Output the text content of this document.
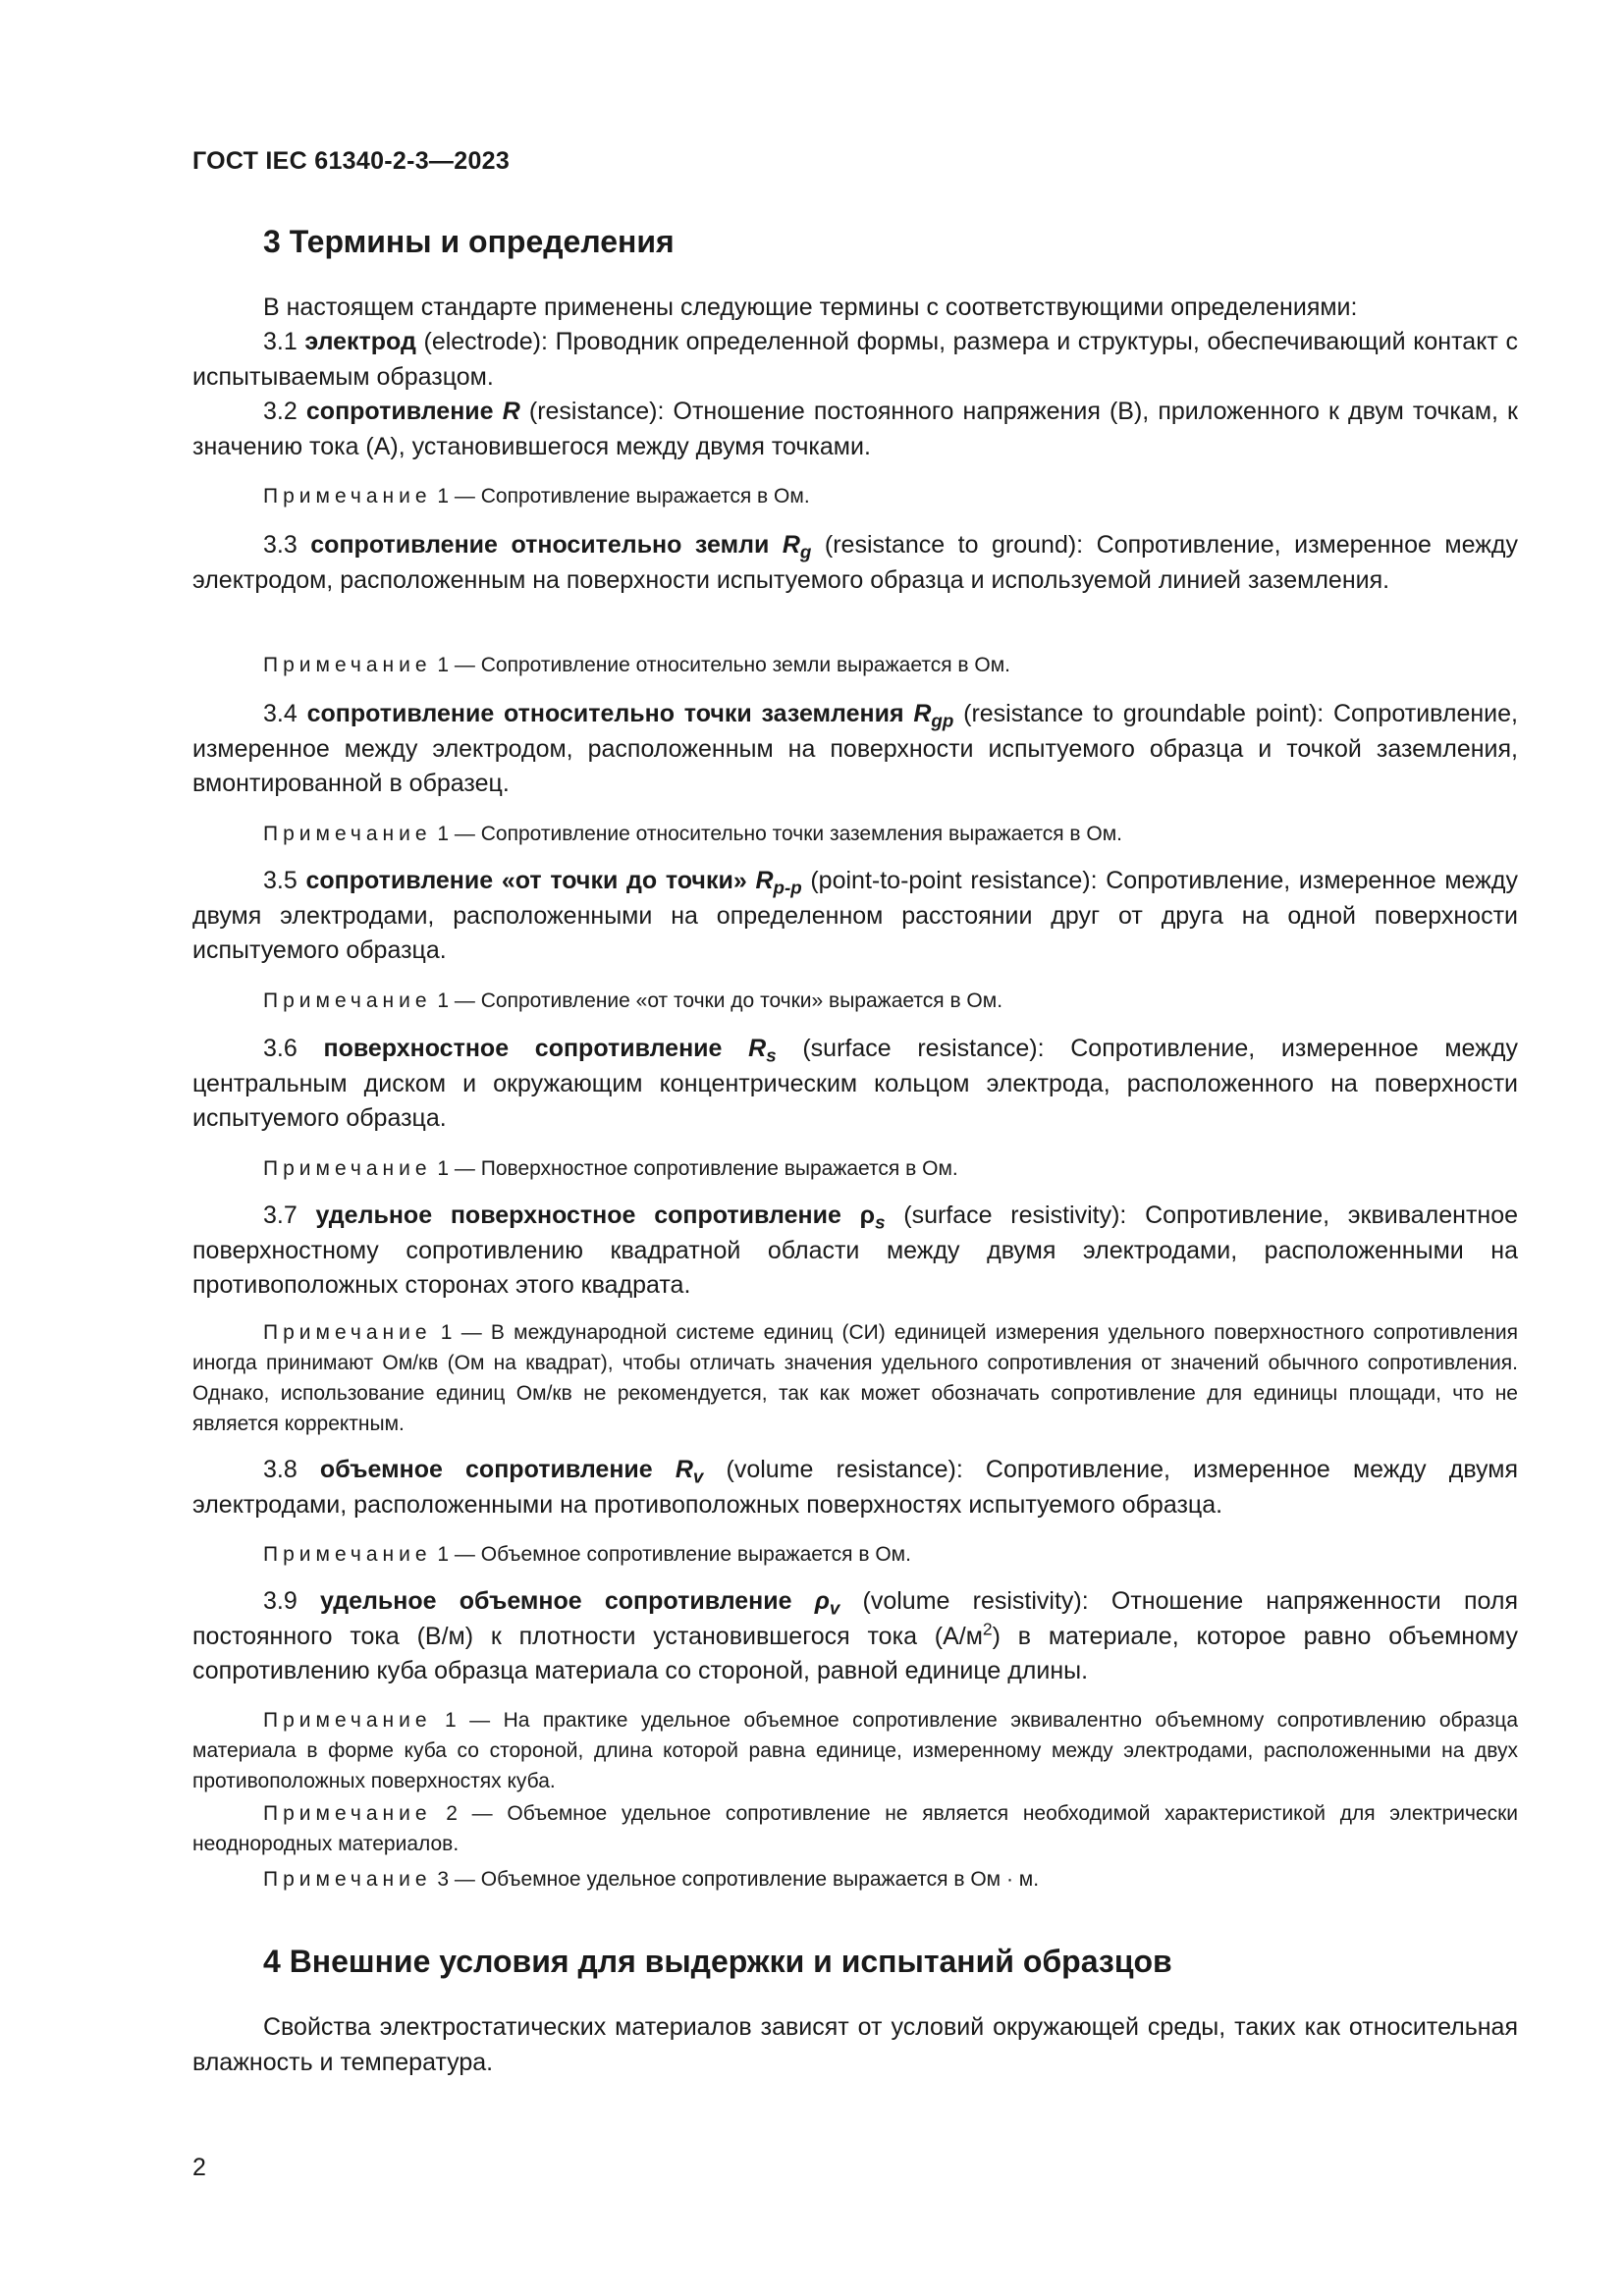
ГОСТ IEC 61340-2-3—2023
3 Термины и определения
В настоящем стандарте применены следующие термины с соответствующими определениями:
3.1 электрод (electrode): Проводник определенной формы, размера и структуры, обеспечивающий контакт с испытываемым образцом.
3.2 сопротивление R (resistance): Отношение постоянного напряжения (В), приложенного к двум точкам, к значению тока (А), установившегося между двумя точками.
Примечание 1 — Сопротивление выражается в Ом.
3.3 сопротивление относительно земли $R_g$ (resistance to ground): Сопротивление, измеренное между электродом, расположенным на поверхности испытуемого образца и используемой линией заземления.
Примечание 1 — Сопротивление относительно земли выражается в Ом.
3.4 сопротивление относительно точки заземления $R_{gp}$ (resistance to groundable point): Сопротивление, измеренное между электродом, расположенным на поверхности испытуемого образца и точкой заземления, вмонтированной в образец.
Примечание 1 — Сопротивление относительно точки заземления выражается в Ом.
3.5 сопротивление «от точки до точки» $R_{p-p}$ (point-to-point resistance): Сопротивление, измеренное между двумя электродами, расположенными на определенном расстоянии друг от друга на одной поверхности испытуемого образца.
Примечание 1 — Сопротивление «от точки до точки» выражается в Ом.
3.6 поверхностное сопротивление $R_s$ (surface resistance): Сопротивление, измеренное между центральным диском и окружающим концентрическим кольцом электрода, расположенного на поверхности испытуемого образца.
Примечание 1 — Поверхностное сопротивление выражается в Ом.
3.7 удельное поверхностное сопротивление $\rho_s$ (surface resistivity): Сопротивление, эквивалентное поверхностному сопротивлению квадратной области между двумя электродами, расположенными на противоположных сторонах этого квадрата.
Примечание 1 — В международной системе единиц (СИ) единицей измерения удельного поверхностного сопротивления иногда принимают Ом/кв (Ом на квадрат), чтобы отличать значения удельного сопротивления от значений обычного сопротивления. Однако, использование единиц Ом/кв не рекомендуется, так как может обозначать сопротивление для единицы площади, что не является корректным.
3.8 объемное сопротивление $R_v$ (volume resistance): Сопротивление, измеренное между двумя электродами, расположенными на противоположных поверхностях испытуемого образца.
Примечание 1 — Объемное сопротивление выражается в Ом.
3.9 удельное объемное сопротивление $\rho_v$ (volume resistivity): Отношение напряженности поля постоянного тока (В/м) к плотности установившегося тока $(А/м^2)$ в материале, которое равно объемному сопротивлению куба образца материала со стороной, равной единице длины.
Примечание 1 — На практике удельное объемное сопротивление эквивалентно объемному сопротивлению образца материала в форме куба со стороной, длина которой равна единице, измеренному между электродами, расположенными на двух противоположных поверхностях куба.
Примечание 2 — Объемное удельное сопротивление не является необходимой характеристикой для электрически неоднородных материалов.
Примечание 3 — Объемное удельное сопротивление выражается в Ом · м.
4 Внешние условия для выдержки и испытаний образцов
Свойства электростатических материалов зависят от условий окружающей среды, таких как относительная влажность и температура.
2
